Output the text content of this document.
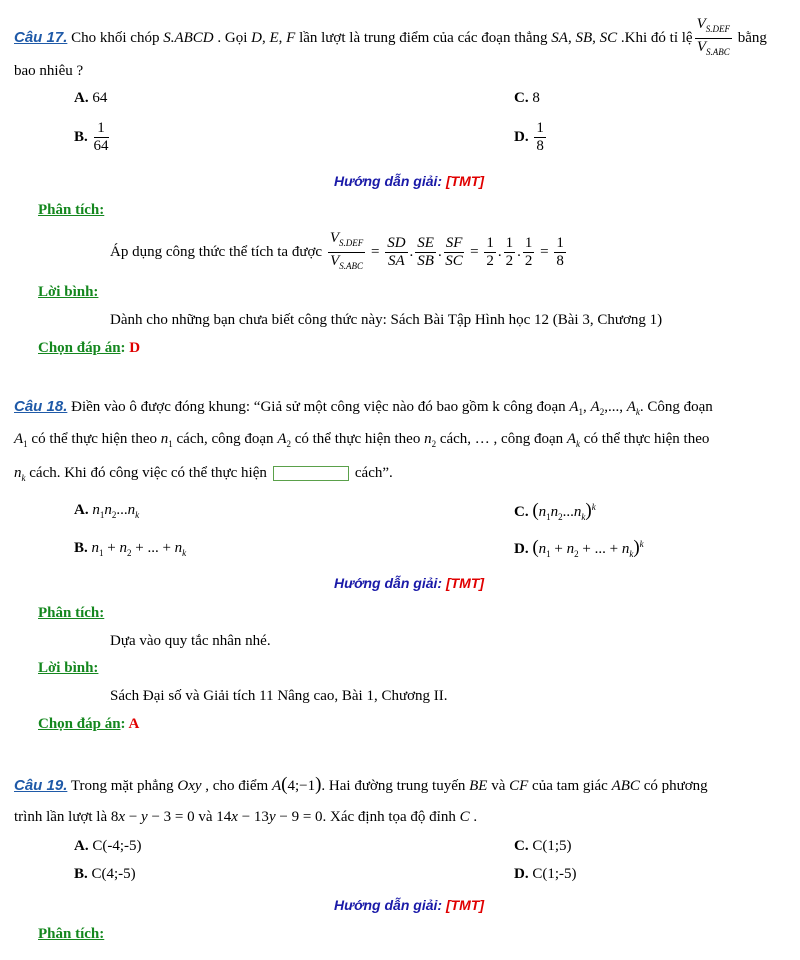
Câu 17. Cho khối chóp S.ABCD . Gọi D, E, F lần lượt là trung điểm của các đoạn thẳng SA, SB, SC .Khi đó tỉ lệ $\frac{V_{S.DEF}}{V_{S.ABC}}$ bằng
bao nhiêu ?
A. 64	C. 8
B. $\frac{1}{64}$	D. $\frac{1}{8}$
Hướng dẫn giải: [TMT]
Phân tích:
Áp dụng công thức thể tích ta được $\frac{V_{S.DEF}}{V_{S.ABC}} = \frac{SD}{SA}$ . $\frac{SE}{SB}$ . $\frac{SF}{SC} = \frac{1}{2}$ . $\frac{1}{2}$ . $\frac{1}{2} = \frac{1}{8}$
Lời bình:
Dành cho những bạn chưa biết công thức này: Sách Bài Tập Hình học 12 (Bài 3, Chương 1)
Chọn đáp án: D
Câu 18. Điền vào ô được đóng khung: “Giả sử một công việc nào đó bao gồm k công đoạn $A_1$, $A_2$,..., $A_k$. Công đoạn
$A_1$ có thể thực hiện theo $n_1$ cách, công đoạn $A_2$ có thể thực hiện theo $n_2$ cách, … , công đoạn $A_k$ có thể thực hiện theo
$n_k$ cách. Khi đó công việc có thể thực hiện	cách”.
A. $n_1n_2...n_k$	C. $(n_1n_2...n_k)^k$
B. $n_1 + n_2$ + ... + $n_k$	D. ($n_1 + n_2$ + ... + $n_k)^k$
Hướng dẫn giải: [TMT]
Phân tích:
Dựa vào quy tắc nhân nhé.
Lời bình:
Sách Đại số và Giải tích 11 Nâng cao, Bài 1, Chương II.
Chọn đáp án: A
Câu 19. Trong mặt phẳng Oxy , cho điểm A(4;−1). Hai đường trung tuyến BE và CF của tam giác ABC có phương
trình lần lượt là 8x − y − 3 = 0 và 14x − 13y − 9 = 0. Xác định tọa độ đỉnh C .
A. C(-4;-5)	C. C(1;5)
B. C(4;-5)	D. C(1;-5)
Hướng dẫn giải: [TMT]
Phân tích:
